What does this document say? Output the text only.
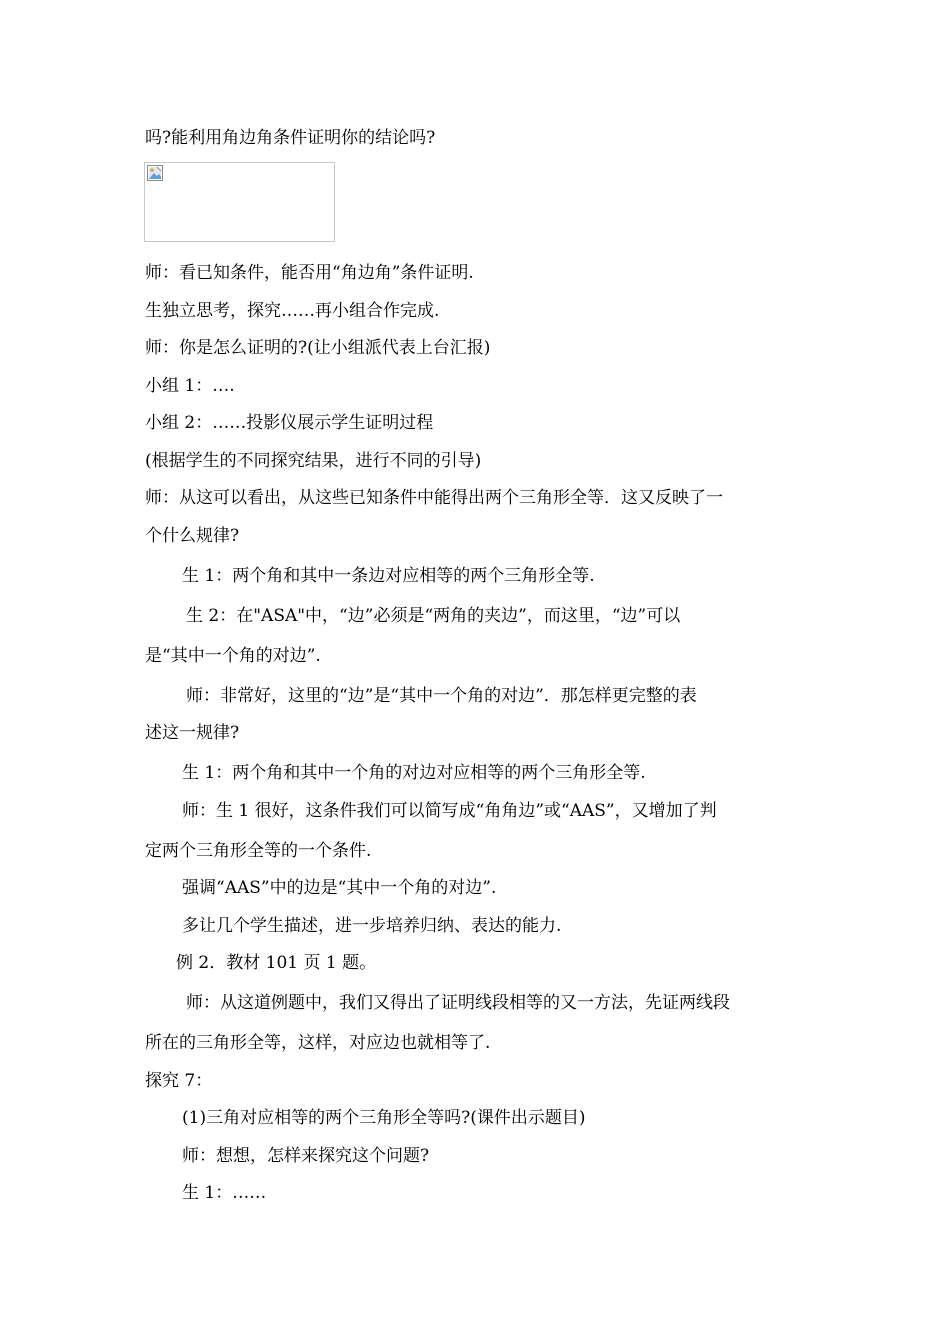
吗?能利用角边角条件证明你的结论吗?
师：看已知条件，能否用“角边角”条件证明.
生独立思考，探究……再小组合作完成.
师：你是怎么证明的?(让小组派代表上台汇报)
小组 1：….
小组 2：……投影仪展示学生证明过程
(根据学生的不同探究结果，进行不同的引导)
师：从这可以看出，从这些已知条件中能得出两个三角形全等．这又反映了一
个什么规律?
生 1：两个角和其中一条边对应相等的两个三角形全等.
生 2：在"ASA"中，“边”必须是“两角的夹边”，而这里，“边”可以
是“其中一个角的对边”.
师：非常好，这里的“边”是“其中一个角的对边”．那怎样更完整的表
述这一规律?
生 1：两个角和其中一个角的对边对应相等的两个三角形全等.
师：生 1 很好，这条件我们可以简写成“角角边”或“AAS”，又增加了判
定两个三角形全等的一个条件.
强调“AAS”中的边是“其中一个角的对边”.
多让几个学生描述，进一步培养归纳、表达的能力.
例 2．教材 101 页 1 题。
师：从这道例题中，我们又得出了证明线段相等的又一方法，先证两线段
所在的三角形全等，这样，对应边也就相等了.
探究 7：
(1)三角对应相等的两个三角形全等吗?(课件出示题目)
师：想想，怎样来探究这个问题?
生 1：……
